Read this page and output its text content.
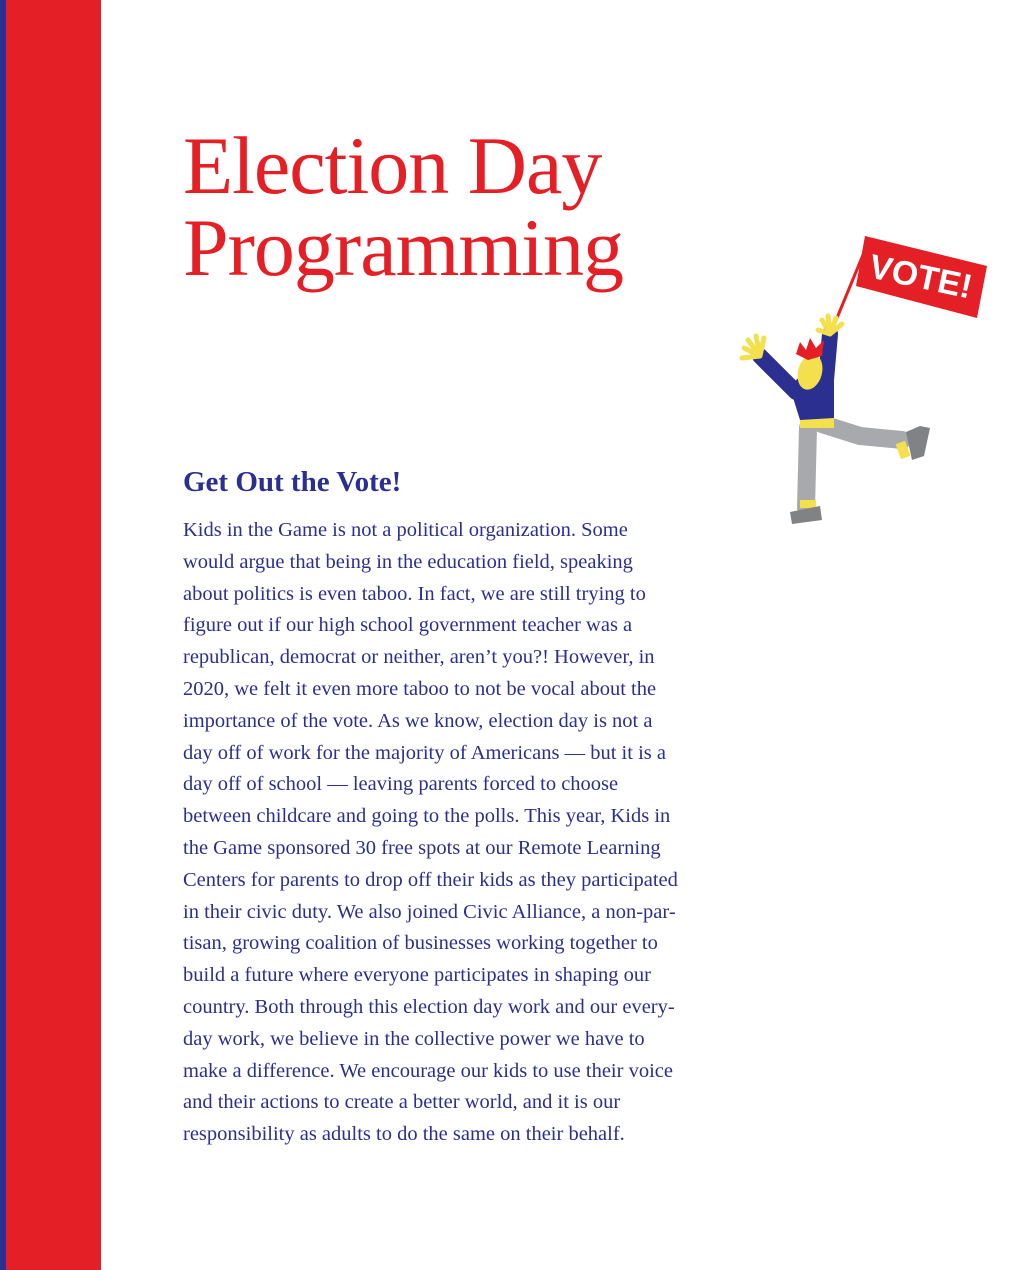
Election Day
Programming
Get Out the Vote!
Kids in the Game is not a political organization. Some
would argue that being in the education field, speaking
about politics is even taboo. In fact, we are still trying to
figure out if our high school government teacher was a
republican, democrat or neither, aren’t you?! However, in
2020, we felt it even more taboo to not be vocal about the
importance of the vote. As we know, election day is not a
day off of work for the majority of Americans — but it is a
day off of school — leaving parents forced to choose
between childcare and going to the polls. This year, Kids in
the Game sponsored 30 free spots at our Remote Learning
Centers for parents to drop off their kids as they participated
in their civic duty. We also joined Civic Alliance, a non-par-
tisan, growing coalition of businesses working together to
build a future where everyone participates in shaping our
country. Both through this election day work and our every-
day work, we believe in the collective power we have to
make a difference. We encourage our kids to use their voice
and their actions to create a better world, and it is our
responsibility as adults to do the same on their behalf.
VOTE!
